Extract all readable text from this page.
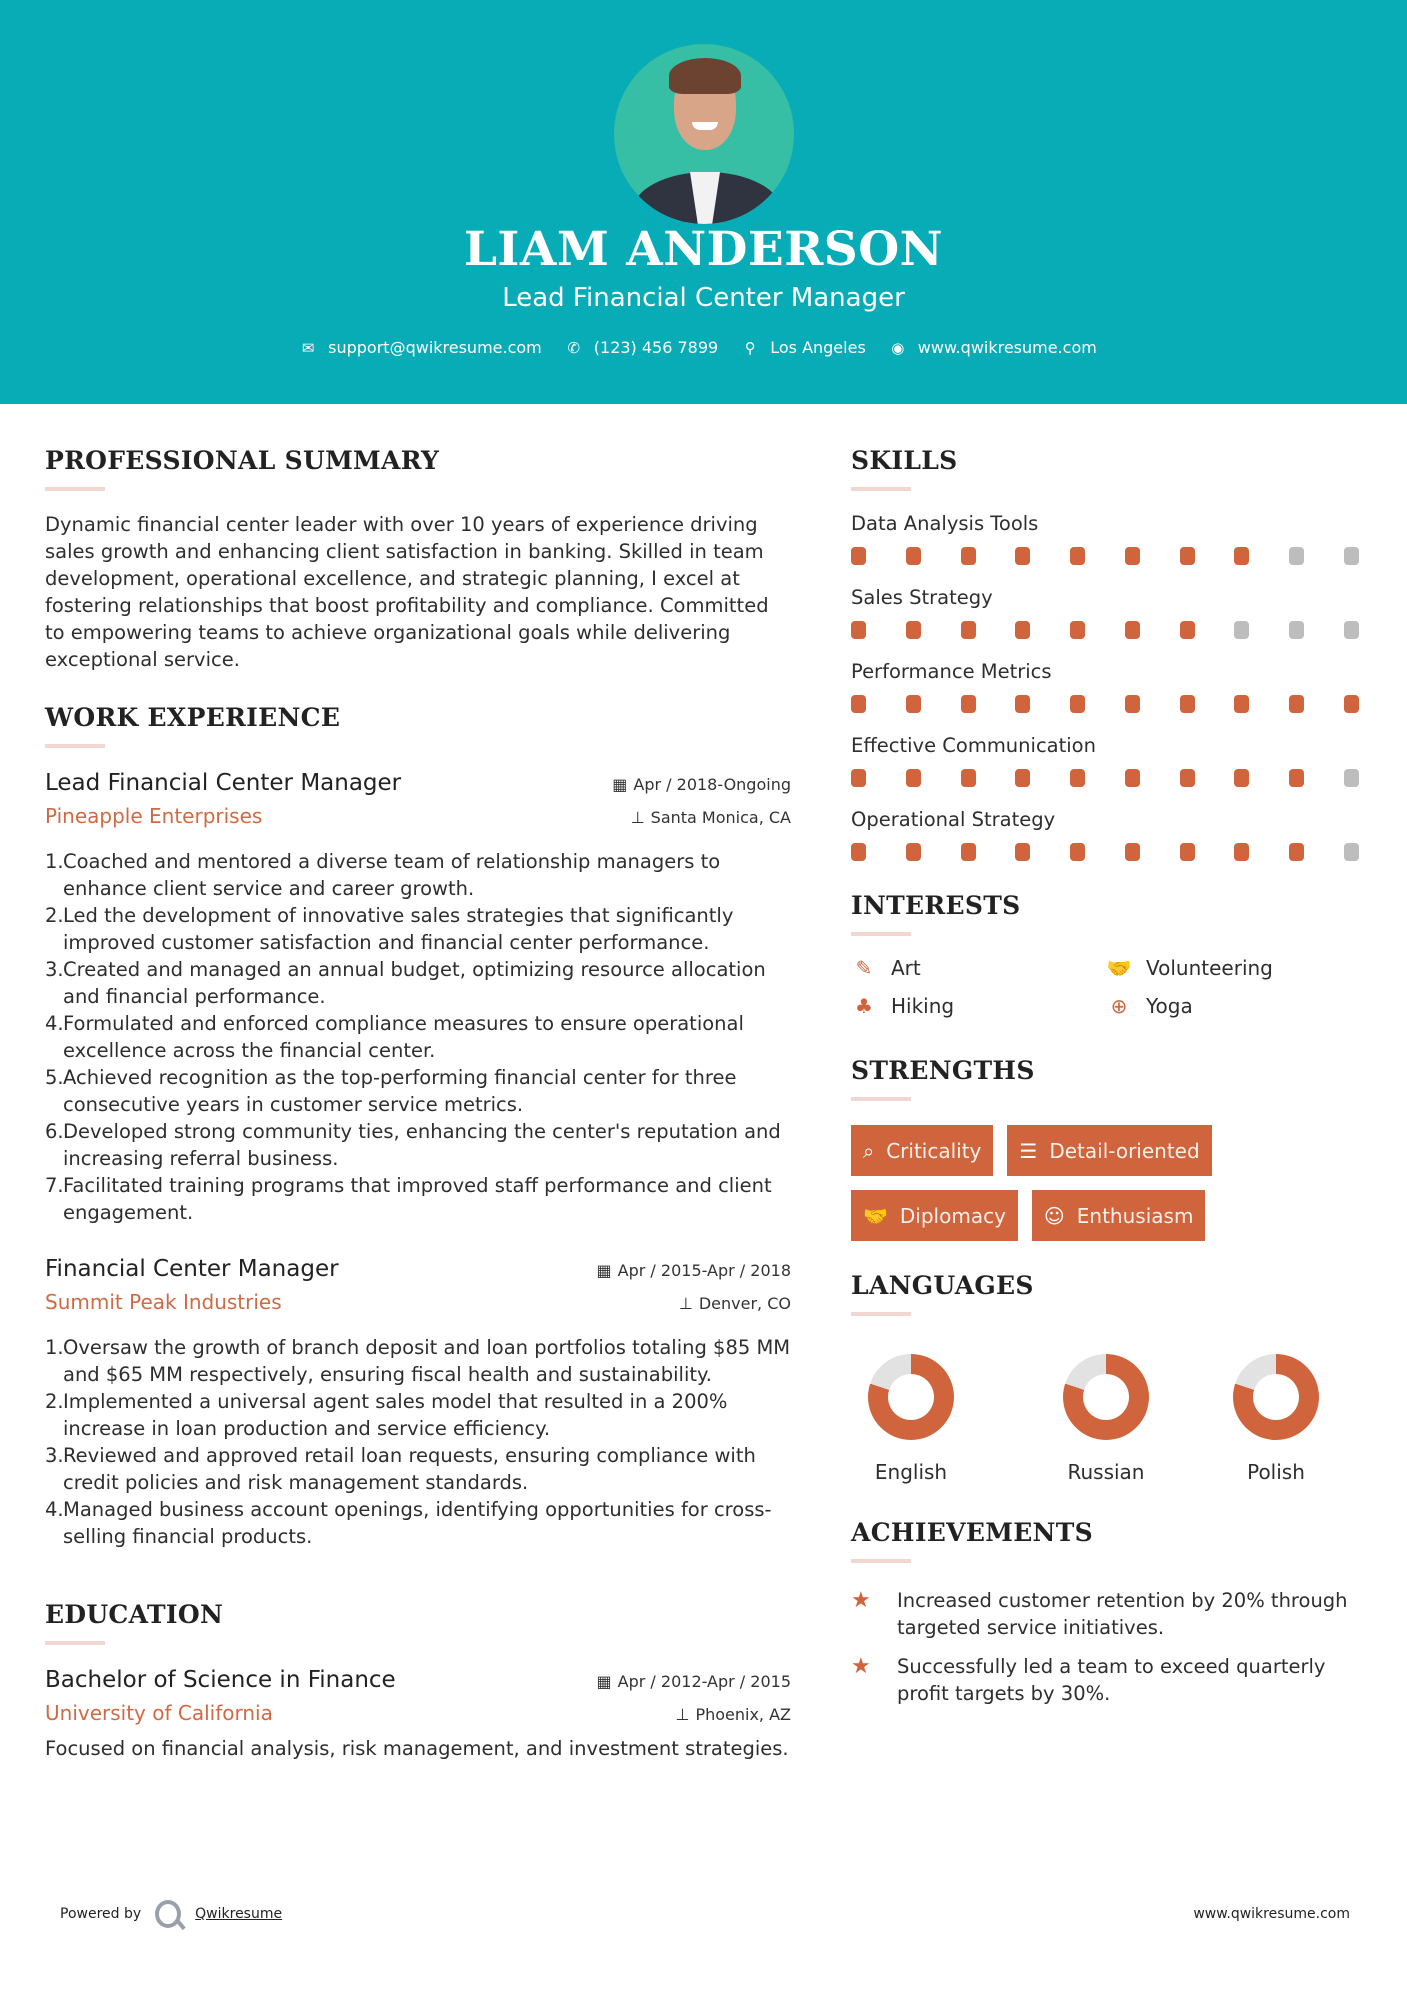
LIAM ANDERSON
Lead Financial Center Manager
✉ support@qwikresume.com ✆ (123) 456 7899 ⚲ Los Angeles ◉ www.qwikresume.com
PROFESSIONAL SUMMARY

Dynamic financial center leader with over 10 years of experience driving sales growth and enhancing client satisfaction in banking. Skilled in team development, operational excellence, and strategic planning, I excel at fostering relationships that boost profitability and compliance. Committed to empowering teams to achieve organizational goals while delivering exceptional service.

WORK EXPERIENCE
Lead Financial Center Manager	▦ Apr / 2018-Ongoing
Pineapple Enterprises	⊥ Santa Monica, CA
1. Coached and mentored a diverse team of relationship managers to enhance client service and career growth.
2. Led the development of innovative sales strategies that significantly improved customer satisfaction and financial center performance.
3. Created and managed an annual budget, optimizing resource allocation and financial performance.
4. Formulated and enforced compliance measures to ensure operational excellence across the financial center.
5. Achieved recognition as the top-performing financial center for three consecutive years in customer service metrics.
6. Developed strong community ties, enhancing the center's reputation and increasing referral business.
7. Facilitated training programs that improved staff performance and client engagement.
Financial Center Manager	▦ Apr / 2015-Apr / 2018
Summit Peak Industries	⊥ Denver, CO
1. Oversaw the growth of branch deposit and loan portfolios totaling $85 MM and $65 MM respectively, ensuring fiscal health and sustainability.
2. Implemented a universal agent sales model that resulted in a 200% increase in loan production and service efficiency.
3. Reviewed and approved retail loan requests, ensuring compliance with credit policies and risk management standards.
4. Managed business account openings, identifying opportunities for cross-selling financial products.
EDUCATION
Bachelor of Science in Finance	▦ Apr / 2012-Apr / 2015
University of California	⊥ Phoenix, AZ

Focused on financial analysis, risk management, and investment strategies.

SKILLS
Data Analysis Tools
Sales Strategy
Performance Metrics
Effective Communication
Operational Strategy
INTERESTS
✎ Art	🤝 Volunteering
♣ Hiking	⊕ Yoga
STRENGTHS
⌕ Criticality ☰ Detail-oriented
🤝 Diplomacy ☺ Enthusiasm
LANGUAGES
English	Russian	Polish
ACHIEVEMENTS
★	Increased customer retention by 20% through targeted service initiatives.
★	Successfully led a team to exceed quarterly profit targets by 30%.
Powered by	Qwikresume	www.qwikresume.com
